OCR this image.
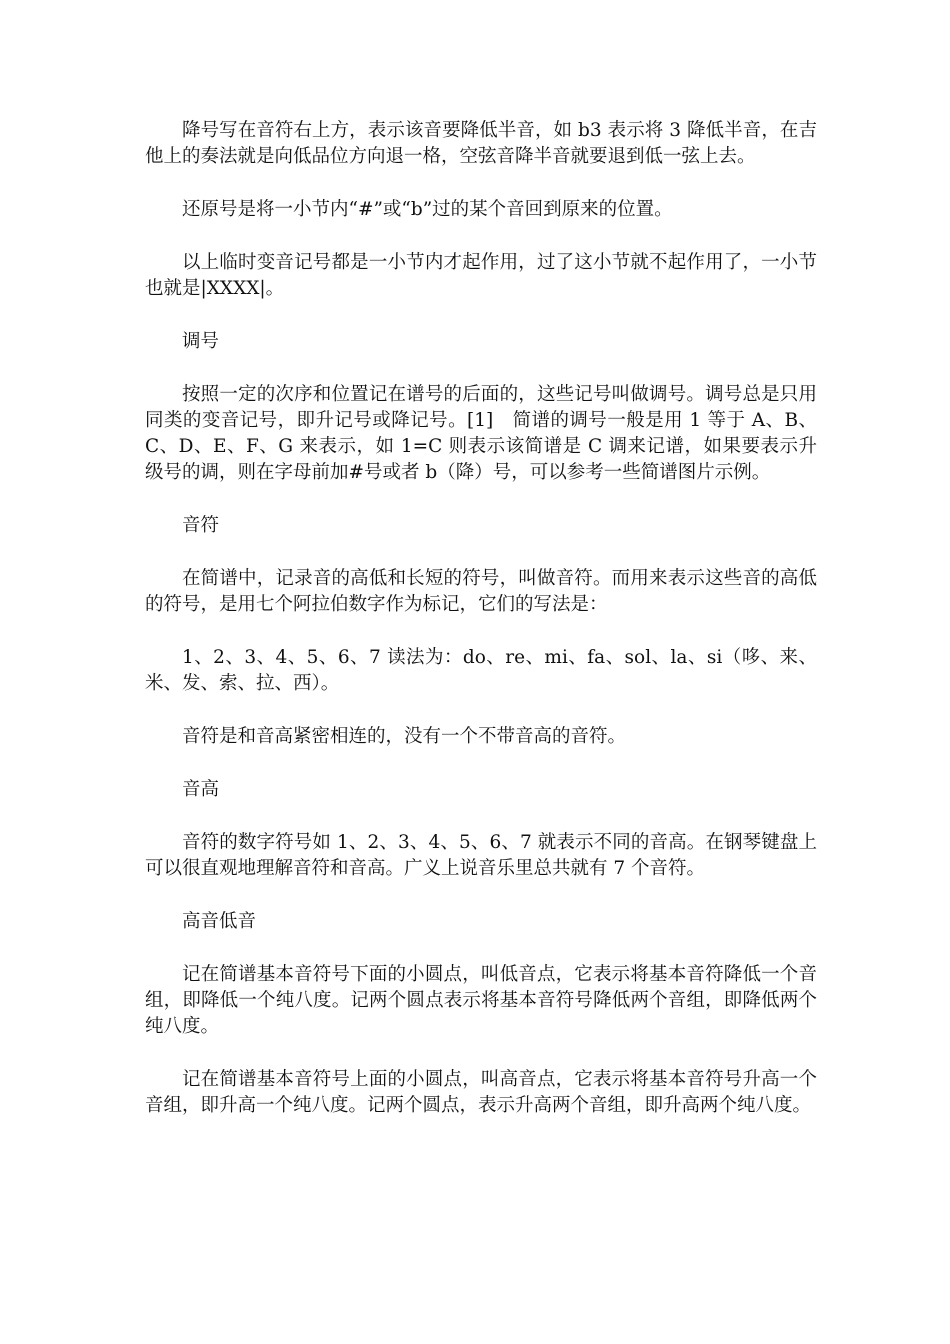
降号写在音符右上方，表示该音要降低半音，如 b3 表示将 3 降低半音，在吉他上的奏法就是向低品位方向退一格，空弦音降半音就要退到低一弦上去。

还原号是将一小节内“#”或“b”过的某个音回到原来的位置。

以上临时变音记号都是一小节内才起作用，过了这小节就不起作用了，一小节也就是|XXXX|。

调号

按照一定的次序和位置记在谱号的后面的，这些记号叫做调号。调号总是只用同类的变音记号，即升记号或降记号。[1]　简谱的调号一般是用 1 等于 A、B、C、D、E、F、G 来表示，如 1=C 则表示该简谱是 C 调来记谱，如果要表示升级号的调，则在字母前加#号或者 b（降）号，可以参考一些简谱图片示例。

音符

在简谱中，记录音的高低和长短的符号，叫做音符。而用来表示这些音的高低的符号，是用七个阿拉伯数字作为标记，它们的写法是：

1、2、3、4、5、6、7 读法为：do、re、mi、fa、sol、la、si（哆、来、米、发、索、拉、西）。

音符是和音高紧密相连的，没有一个不带音高的音符。

音高

音符的数字符号如 1、2、3、4、5、6、7 就表示不同的音高。在钢琴键盘上可以很直观地理解音符和音高。广义上说音乐里总共就有 7 个音符。

高音低音

记在简谱基本音符号下面的小圆点，叫低音点，它表示将基本音符降低一个音组，即降低一个纯八度。记两个圆点表示将基本音符号降低两个音组，即降低两个纯八度。

记在简谱基本音符号上面的小圆点，叫高音点，它表示将基本音符号升高一个音组，即升高一个纯八度。记两个圆点，表示升高两个音组，即升高两个纯八度。
